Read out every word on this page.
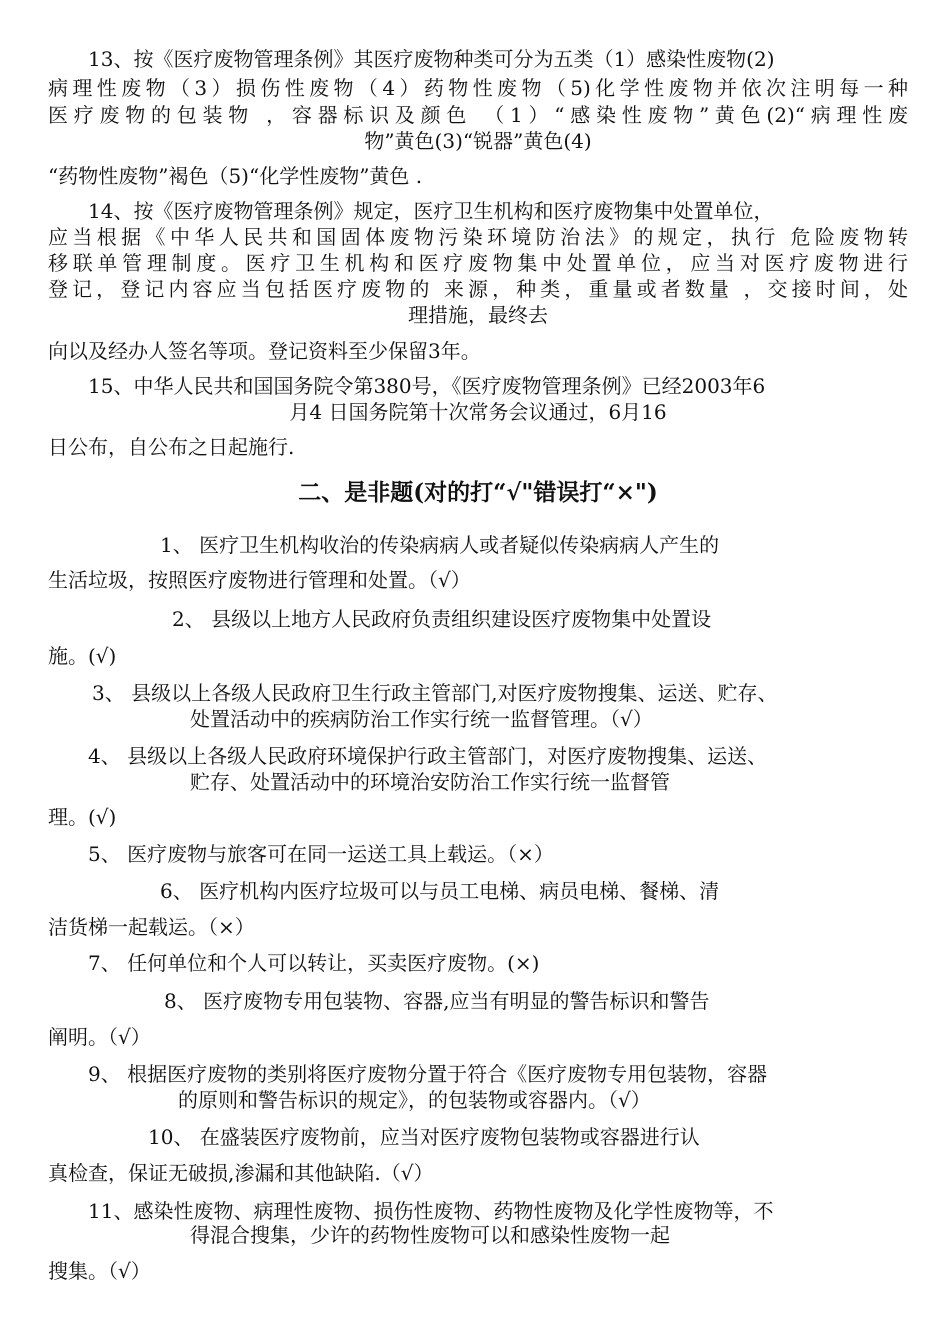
13、按《医疗废物管理条例》其医疗废物种类可分为五类（1）感染性废物(2)
病理性废物（3）损伤性废物（4）药物性废物（5)化学性废物并依次注明每一种
医疗废物的包装物 ，容器标识及颜色 （1）“感染性废物”黄色(2)“病理性废
物”黄色(3)“锐器”黄色(4)
“药物性废物”褐色（5)“化学性废物”黄色 .
14、按《医疗废物管理条例》规定，医疗卫生机构和医疗废物集中处置单位，
应当根据《中华人民共和国固体废物污染环境防治法》的规定，执行 危险废物转
移联单管理制度。医疗卫生机构和医疗废物集中处置单位，应当对医疗废物进行
登记，登记内容应当包括医疗废物的 来源，种类，重量或者数量 ，交接时间，处
理措施，最终去
向以及经办人签名等项。登记资料至少保留3年。
15、中华人民共和国国务院令第380号，《医疗废物管理条例》已经2003年6
月4 日国务院第十次常务会议通过，6月16
日公布，自公布之日起施行.
二、是非题(对的打“√"错误打“×")
1、 医疗卫生机构收治的传染病病人或者疑似传染病病人产生的
生活垃圾，按照医疗废物进行管理和处置。（√）
2、 县级以上地方人民政府负责组织建设医疗废物集中处置设
施。(√)
3、 县级以上各级人民政府卫生行政主管部门,对医疗废物搜集、运送、贮存、
处置活动中的疾病防治工作实行统一监督管理。（√）
4、 县级以上各级人民政府环境保护行政主管部门，对医疗废物搜集、运送、
贮存、处置活动中的环境治安防治工作实行统一监督管
理。(√)
5、 医疗废物与旅客可在同一运送工具上载运。（×）
6、 医疗机构内医疗垃圾可以与员工电梯、病员电梯、餐梯、清
洁货梯一起载运。（×）
7、 任何单位和个人可以转让，买卖医疗废物。(×)
8、 医疗废物专用包装物、容器,应当有明显的警告标识和警告
阐明。（√）
9、 根据医疗废物的类别将医疗废物分置于符合《医疗废物专用包装物，容器
的原则和警告标识的规定》，的包装物或容器内。（√）
10、 在盛装医疗废物前，应当对医疗废物包装物或容器进行认
真检查，保证无破损,渗漏和其他缺陷.（√）
11、感染性废物、病理性废物、损伤性废物、药物性废物及化学性废物等，不
得混合搜集，少许的药物性废物可以和感染性废物一起
搜集。（√）
